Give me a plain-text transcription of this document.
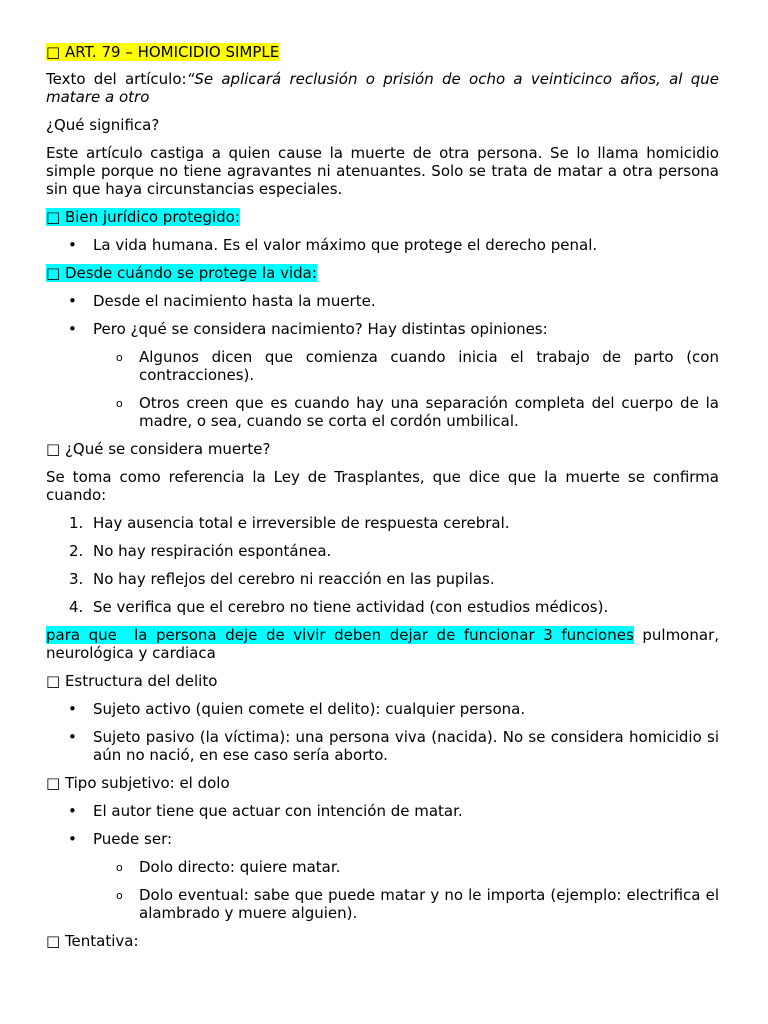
□ ART. 79 – HOMICIDIO SIMPLE

Texto del artículo:“Se aplicará reclusión o prisión de ocho a veinticinco años, al que matare a otro

¿Qué significa?

Este artículo castiga a quien cause la muerte de otra persona. Se lo llama homicidio simple porque no tiene agravantes ni atenuantes. Solo se trata de matar a otra persona sin que haya circunstancias especiales.

□ Bien jurídico protegido:

• La vida humana. Es el valor máximo que protege el derecho penal.

□ Desde cuándo se protege la vida:

• Desde el nacimiento hasta la muerte.
• Pero ¿qué se considera nacimiento? Hay distintas opiniones:
o Algunos dicen que comienza cuando inicia el trabajo de parto (con contracciones).
o Otros creen que es cuando hay una separación completa del cuerpo de la madre, o sea, cuando se corta el cordón umbilical.

□ ¿Qué se considera muerte?

Se toma como referencia la Ley de Trasplantes, que dice que la muerte se confirma cuando:

1. Hay ausencia total e irreversible de respuesta cerebral.
2. No hay respiración espontánea.
3. No hay reflejos del cerebro ni reacción en las pupilas.
4. Se verifica que el cerebro no tiene actividad (con estudios médicos).

para que  la persona deje de vivir deben dejar de funcionar 3 funciones pulmonar, neurológica y cardiaca

□ Estructura del delito

• Sujeto activo (quien comete el delito): cualquier persona.
• Sujeto pasivo (la víctima): una persona viva (nacida). No se considera homicidio si aún no nació, en ese caso sería aborto.

□ Tipo subjetivo: el dolo

• El autor tiene que actuar con intención de matar.
• Puede ser:
o Dolo directo: quiere matar.
o Dolo eventual: sabe que puede matar y no le importa (ejemplo: electrifica el alambrado y muere alguien).

□ Tentativa:
